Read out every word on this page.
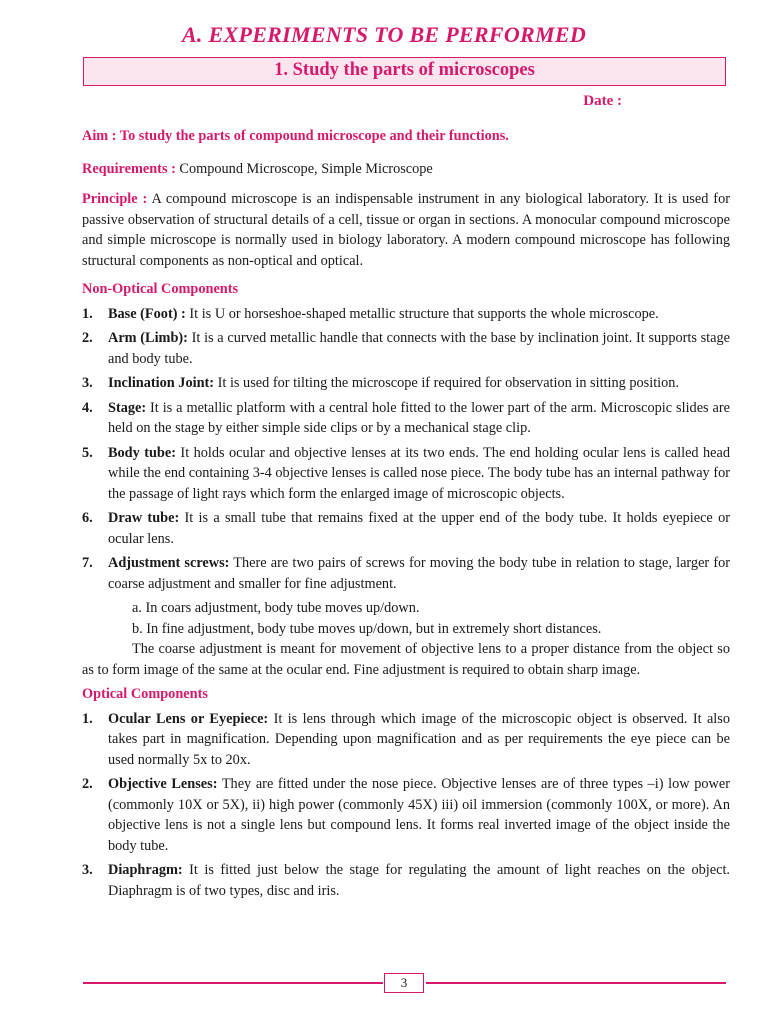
A. EXPERIMENTS TO BE PERFORMED
1. Study the parts of microscopes
Date :

Aim : To study the parts of compound microscope and their functions.

Requirements : Compound Microscope, Simple Microscope

Principle : A compound microscope is an indispensable instrument in any biological laboratory. It is used for passive observation of structural details of a cell, tissue or organ in sections. A monocular compound microscope and simple microscope is normally used in biology laboratory. A modern compound microscope has following structural components as non-optical and optical.

Non-Optical Components

1. Base (Foot) : It is U or horseshoe-shaped metallic structure that supports the whole microscope.
2. Arm (Limb): It is a curved metallic handle that connects with the base by inclination joint. It supports stage and body tube.
3. Inclination Joint: It is used for tilting the microscope if required for observation in sitting position.
4. Stage: It is a metallic platform with a central hole fitted to the lower part of the arm. Microscopic slides are held on the stage by either simple side clips or by a mechanical stage clip.
5. Body tube: It holds ocular and objective lenses at its two ends. The end holding ocular lens is called head while the end containing 3-4 objective lenses is called nose piece. The body tube has an internal pathway for the passage of light rays which form the enlarged image of microscopic objects.
6. Draw tube: It is a small tube that remains fixed at the upper end of the body tube. It holds eyepiece or ocular lens.
7. Adjustment screws: There are two pairs of screws for moving the body tube in relation to stage, larger for coarse adjustment and smaller for fine adjustment.

a. In coars adjustment, body tube moves up/down.

b. In fine adjustment, body tube moves up/down, but in extremely short distances.

The coarse adjustment is meant for movement of objective lens to a proper distance from the object so as to form image of the same at the ocular end. Fine adjustment is required to obtain sharp image.

Optical Components

1. Ocular Lens or Eyepiece: It is lens through which image of the microscopic object is observed. It also takes part in magnification. Depending upon magnification and as per requirements the eye piece can be used normally 5x to 20x.
2. Objective Lenses: They are fitted under the nose piece. Objective lenses are of three types –i) low power (commonly 10X or 5X), ii) high power (commonly 45X) iii) oil immersion (commonly 100X, or more). An objective lens is not a single lens but compound lens. It forms real inverted image of the object inside the body tube.
3. Diaphragm: It is fitted just below the stage for regulating the amount of light reaches on the object. Diaphragm is of two types, disc and iris.
3
